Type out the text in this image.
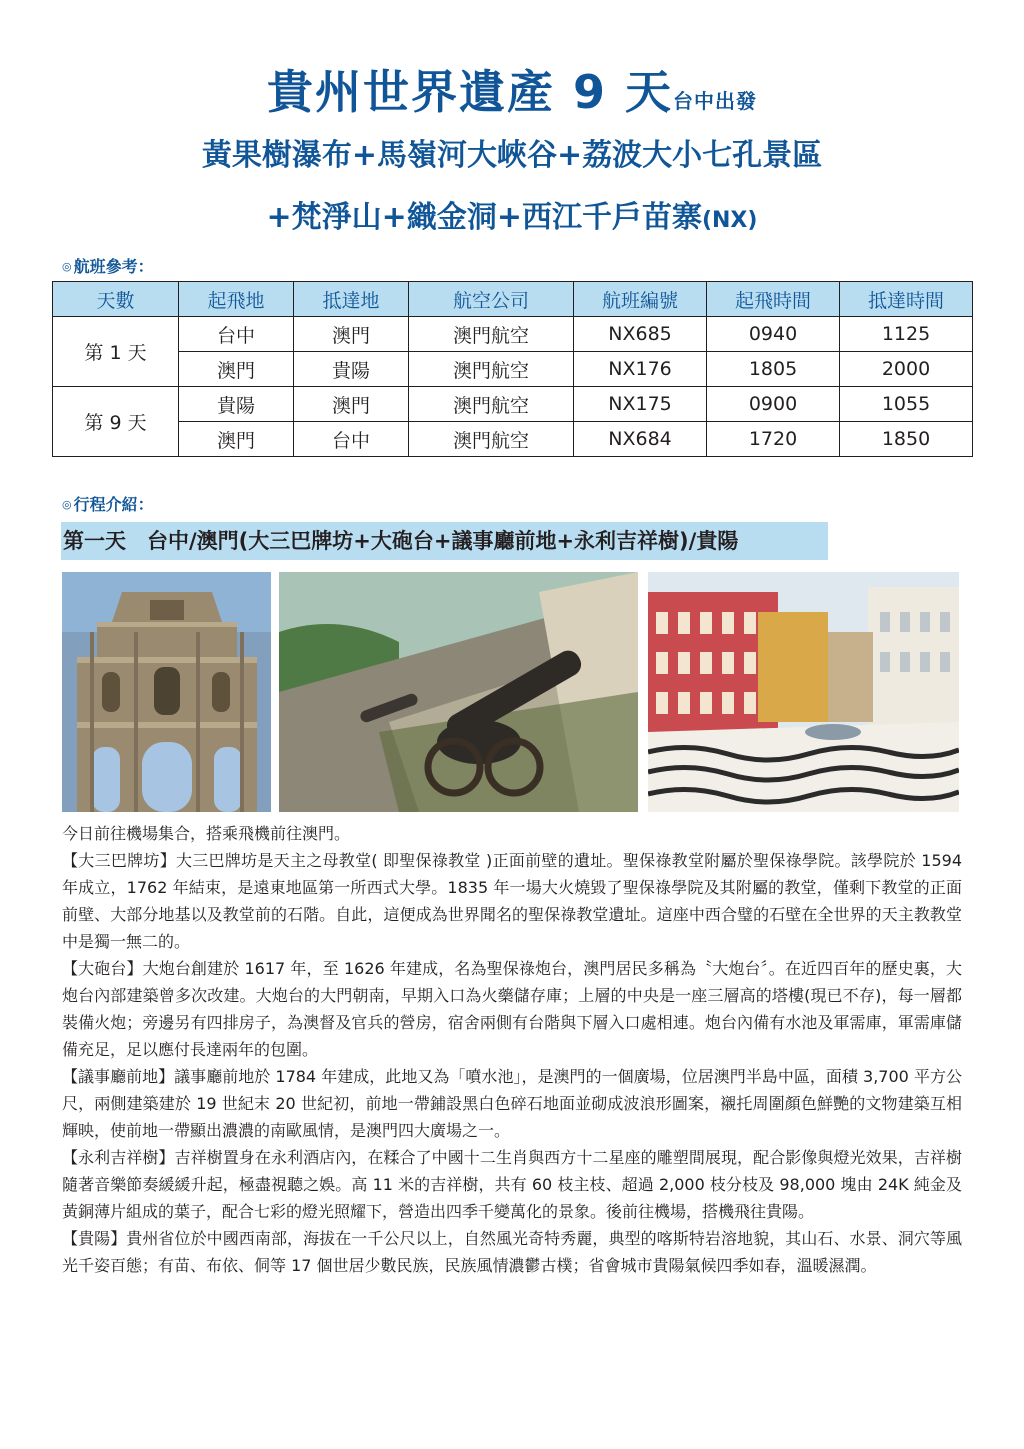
貴州世界遺產 9 天台中出發
黃果樹瀑布+馬嶺河大峽谷+荔波大小七孔景區
+梵淨山+織金洞+西江千戶苗寨(NX)
◎ 航班參考：
天數	起飛地	抵達地	航空公司	航班編號	起飛時間	抵達時間
第 1 天	台中	澳門	澳門航空	NX685	0940	1125
	澳門	貴陽	澳門航空	NX176	1805	2000
第 9 天	貴陽	澳門	澳門航空	NX175	0900	1055
	澳門	台中	澳門航空	NX684	1720	1850
◎ 行程介紹：
第一天　台中/澳門(大三巴牌坊+大砲台+議事廳前地+永利吉祥樹)/貴陽

今日前往機場集合，搭乘飛機前往澳門。

【大三巴牌坊】大三巴牌坊是天主之母教堂( 即聖保祿教堂 )正面前壁的遺址。聖保祿教堂附屬於聖保祿學院。該學院於 1594 年成立，1762 年結束，是遠東地區第一所西式大學。1835 年一場大火燒毀了聖保祿學院及其附屬的教堂，僅剩下教堂的正面前壁、大部分地基以及教堂前的石階。自此，這便成為世界聞名的聖保祿教堂遺址。這座中西合璧的石壁在全世界的天主教教堂中是獨一無二的。

【大砲台】大炮台創建於 1617 年，至 1626 年建成，名為聖保祿炮台，澳門居民多稱為〝大炮台〞。在近四百年的歷史裏，大炮台內部建築曾多次改建。大炮台的大門朝南，早期入口為火藥儲存庫；上層的中央是一座三層高的塔樓(現已不存)，每一層都裝備火炮；旁邊另有四排房子，為澳督及官兵的營房，宿舍兩側有台階與下層入口處相連。炮台內備有水池及軍需庫，軍需庫儲備充足，足以應付長達兩年的包圍。

【議事廳前地】議事廳前地於 1784 年建成，此地又為「噴水池」，是澳門的一個廣場，位居澳門半島中區，面積 3,700 平方公尺，兩側建築建於 19 世紀末 20 世紀初，前地一帶鋪設黑白色碎石地面並砌成波浪形圖案，襯托周圍顏色鮮艷的文物建築互相輝映，使前地一帶顯出濃濃的南歐風情，是澳門四大廣場之一。

【永利吉祥樹】吉祥樹置身在永利酒店內，在糅合了中國十二生肖與西方十二星座的雕塑間展現，配合影像與燈光效果，吉祥樹隨著音樂節奏緩緩升起，極盡視聽之娛。高 11 米的吉祥樹，共有 60 枝主枝、超過 2,000 枝分枝及 98,000 塊由 24K 純金及黃銅薄片組成的葉子，配合七彩的燈光照耀下，營造出四季千變萬化的景象。後前往機場，搭機飛往貴陽。

【貴陽】貴州省位於中國西南部，海拔在一千公尺以上，自然風光奇特秀麗，典型的喀斯特岩溶地貌，其山石、水景、洞穴等風光千姿百態；有苗、布依、侗等 17 個世居少數民族，民族風情濃鬱古樸；省會城市貴陽氣候四季如春，溫暖濕潤。
